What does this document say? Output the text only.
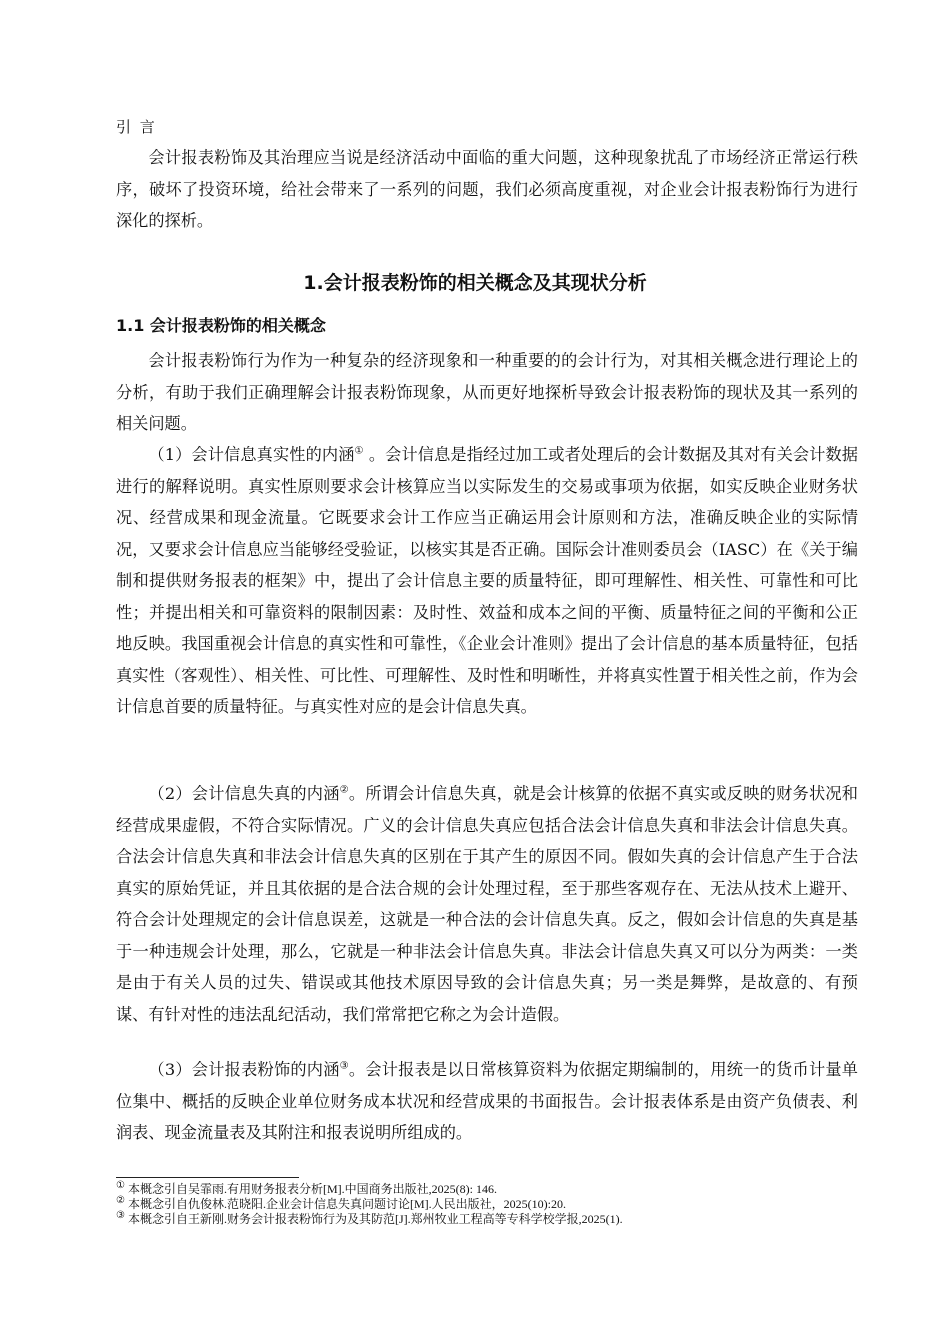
引 言

会计报表粉饰及其治理应当说是经济活动中面临的重大问题，这种现象扰乱了市场经济正常运行秩序，破坏了投资环境，给社会带来了一系列的问题，我们必须高度重视，对企业会计报表粉饰行为进行深化的探析。

1.会计报表粉饰的相关概念及其现状分析
1.1 会计报表粉饰的相关概念

会计报表粉饰行为作为一种复杂的经济现象和一种重要的的会计行为，对其相关概念进行理论上的分析，有助于我们正确理解会计报表粉饰现象，从而更好地探析导致会计报表粉饰的现状及其一系列的相关问题。

（1）会计信息真实性的内涵① 。会计信息是指经过加工或者处理后的会计数据及其对有关会计数据进行的解释说明。真实性原则要求会计核算应当以实际发生的交易或事项为依据，如实反映企业财务状况、经营成果和现金流量。它既要求会计工作应当正确运用会计原则和方法，准确反映企业的实际情况，又要求会计信息应当能够经受验证，以核实其是否正确。国际会计准则委员会（IASC）在《关于编制和提供财务报表的框架》中，提出了会计信息主要的质量特征，即可理解性、相关性、可靠性和可比性；并提出相关和可靠资料的限制因素：及时性、效益和成本之间的平衡、质量特征之间的平衡和公正地反映。我国重视会计信息的真实性和可靠性，《企业会计准则》提出了会计信息的基本质量特征，包括真实性（客观性）、相关性、可比性、可理解性、及时性和明晰性，并将真实性置于相关性之前，作为会计信息首要的质量特征。与真实性对应的是会计信息失真。

（2）会计信息失真的内涵②。所谓会计信息失真，就是会计核算的依据不真实或反映的财务状况和经营成果虚假，不符合实际情况。广义的会计信息失真应包括合法会计信息失真和非法会计信息失真。合法会计信息失真和非法会计信息失真的区别在于其产生的原因不同。假如失真的会计信息产生于合法真实的原始凭证，并且其依据的是合法合规的会计处理过程，至于那些客观存在、无法从技术上避开、符合会计处理规定的会计信息误差，这就是一种合法的会计信息失真。反之，假如会计信息的失真是基于一种违规会计处理，那么，它就是一种非法会计信息失真。非法会计信息失真又可以分为两类：一类是由于有关人员的过失、错误或其他技术原因导致的会计信息失真；另一类是舞弊，是故意的、有预谋、有针对性的违法乱纪活动，我们常常把它称之为会计造假。

（3）会计报表粉饰的内涵③。会计报表是以日常核算资料为依据定期编制的，用统一的货币计量单位集中、概括的反映企业单位财务成本状况和经营成果的书面报告。会计报表体系是由资产负债表、利润表、现金流量表及其附注和报表说明所组成的。

① 本概念引自吴霏雨.有用财务报表分析[M].中国商务出版社,2025(8): 146.

② 本概念引自仇俊林.范晓阳.企业会计信息失真问题讨论[M].人民出版社，2025(10):20.

③ 本概念引自王新刚.财务会计报表粉饰行为及其防范[J].郑州牧业工程高等专科学校学报,2025(1).
